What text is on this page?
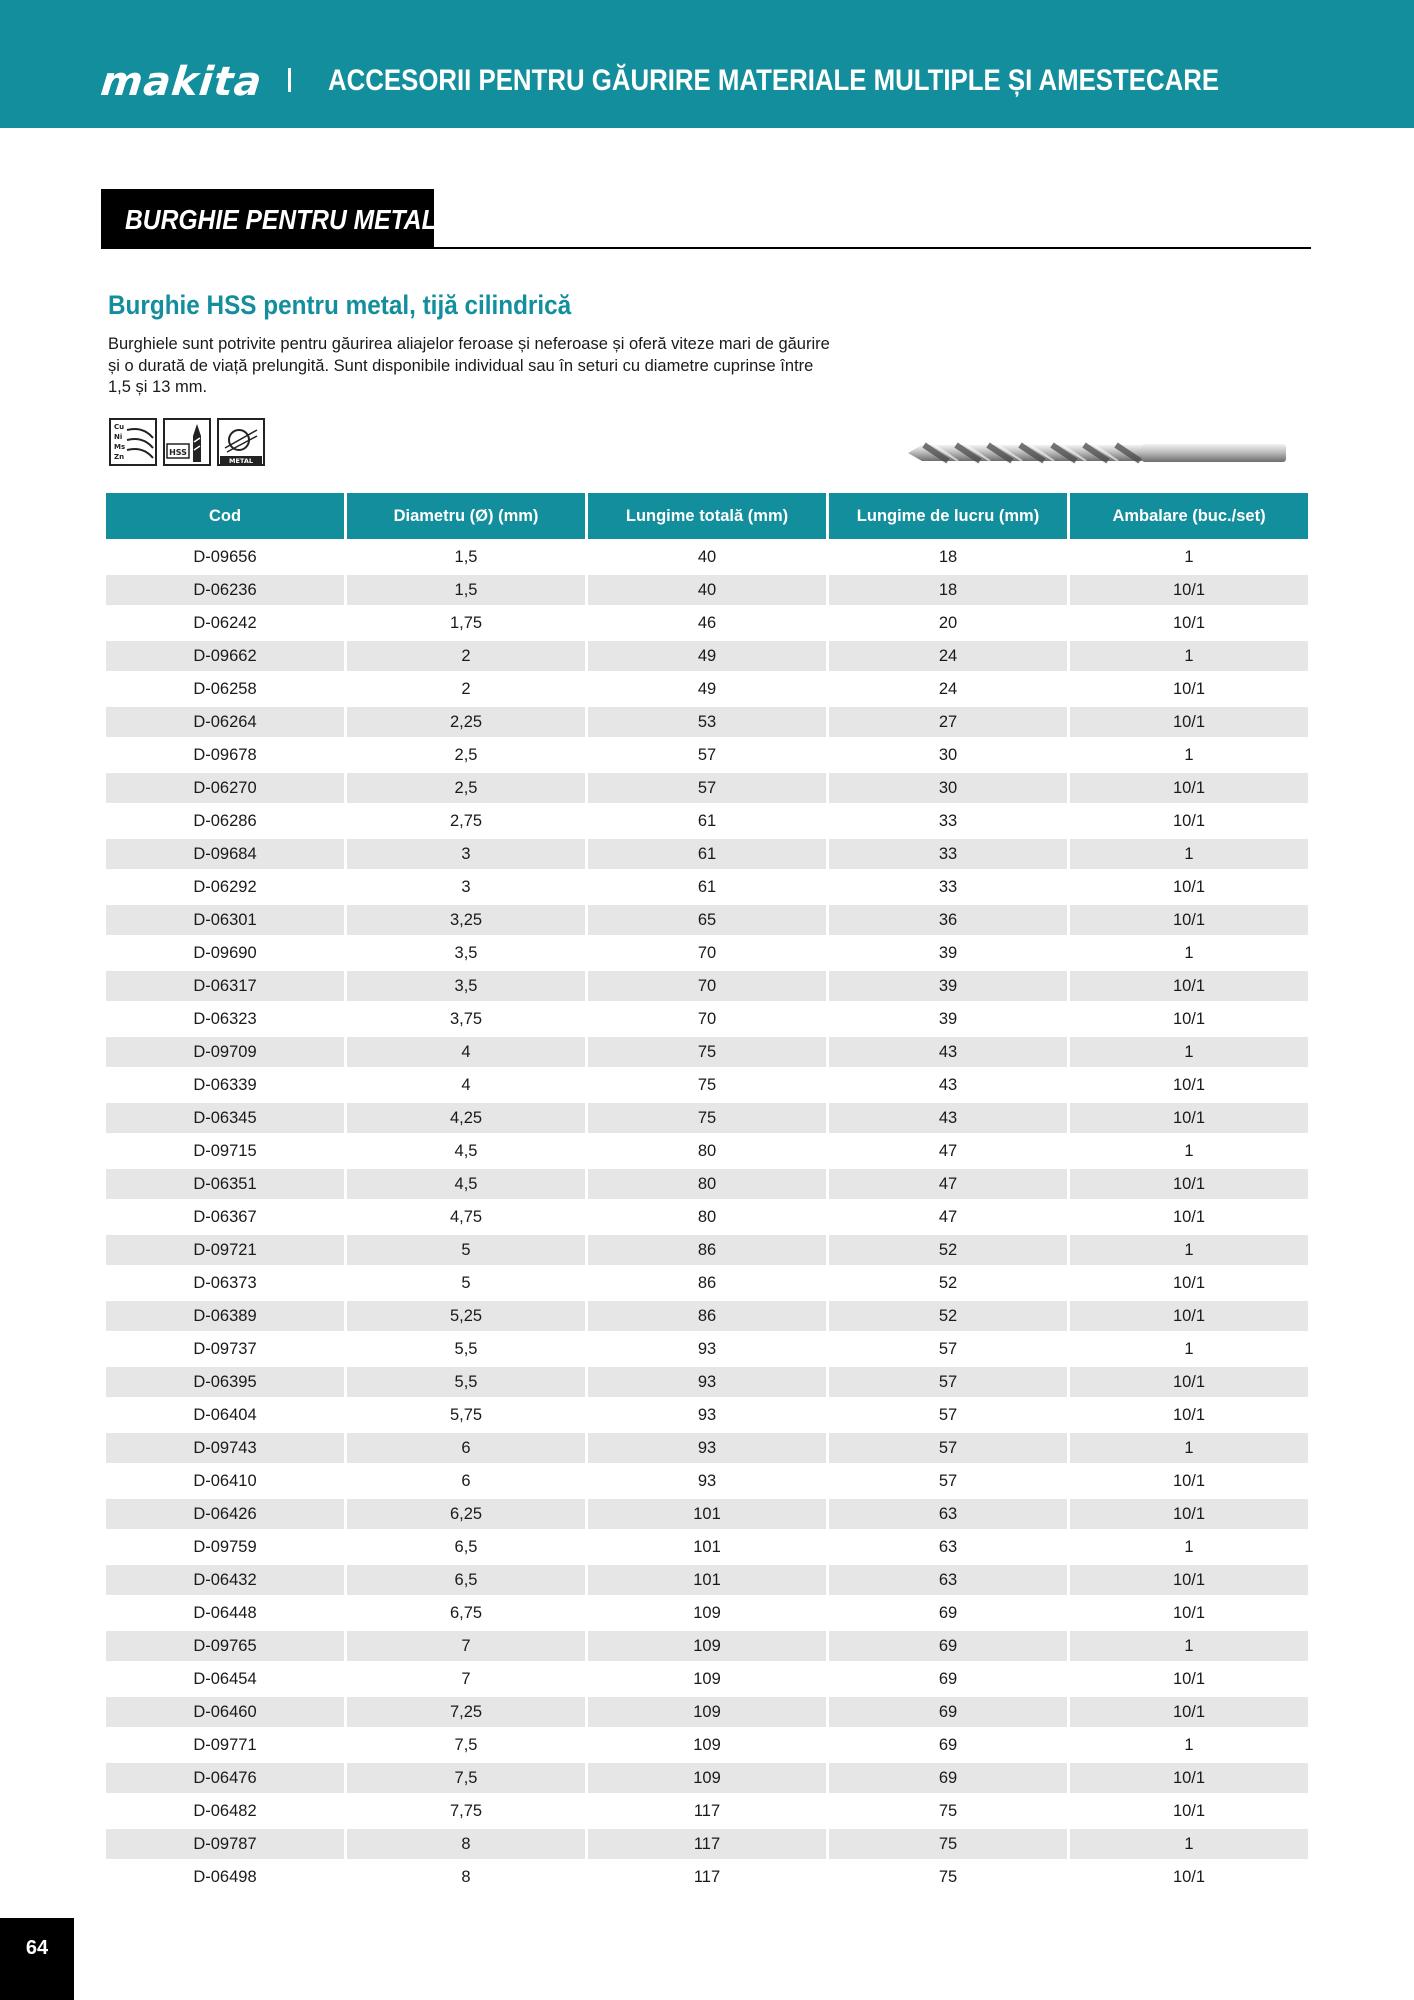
makita ACCESORII PENTRU GĂURIRE MATERIALE MULTIPLE ȘI AMESTECARE
BURGHIE PENTRU METAL
Burghie HSS pentru metal, tijă cilindrică
Burghiele sunt potrivite pentru găurirea aliajelor feroase și neferoase și oferă viteze mari de găurire
și o durată de viață prelungită. Sunt disponibile individual sau în seturi cu diametre cuprinse între
1,5 și 13 mm.
Cu
Ni
Ms
Zn	HSS
METAL
Cod	Diametru (Ø) (mm)	Lungime totală (mm)	Lungime de lucru (mm)	Ambalare (buc./set)
D-09656	1,5	40	18	1
D-06236	1,5	40	18	10/1
D-06242	1,75	46	20	10/1
D-09662	2	49	24	1
D-06258	2	49	24	10/1
D-06264	2,25	53	27	10/1
D-09678	2,5	57	30	1
D-06270	2,5	57	30	10/1
D-06286	2,75	61	33	10/1
D-09684	3	61	33	1
D-06292	3	61	33	10/1
D-06301	3,25	65	36	10/1
D-09690	3,5	70	39	1
D-06317	3,5	70	39	10/1
D-06323	3,75	70	39	10/1
D-09709	4	75	43	1
D-06339	4	75	43	10/1
D-06345	4,25	75	43	10/1
D-09715	4,5	80	47	1
D-06351	4,5	80	47	10/1
D-06367	4,75	80	47	10/1
D-09721	5	86	52	1
D-06373	5	86	52	10/1
D-06389	5,25	86	52	10/1
D-09737	5,5	93	57	1
D-06395	5,5	93	57	10/1
D-06404	5,75	93	57	10/1
D-09743	6	93	57	1
D-06410	6	93	57	10/1
D-06426	6,25	101	63	10/1
D-09759	6,5	101	63	1
D-06432	6,5	101	63	10/1
D-06448	6,75	109	69	10/1
D-09765	7	109	69	1
D-06454	7	109	69	10/1
D-06460	7,25	109	69	10/1
D-09771	7,5	109	69	1
D-06476	7,5	109	69	10/1
D-06482	7,75	117	75	10/1
D-09787	8	117	75	1
D-06498	8	117	75	10/1
64
